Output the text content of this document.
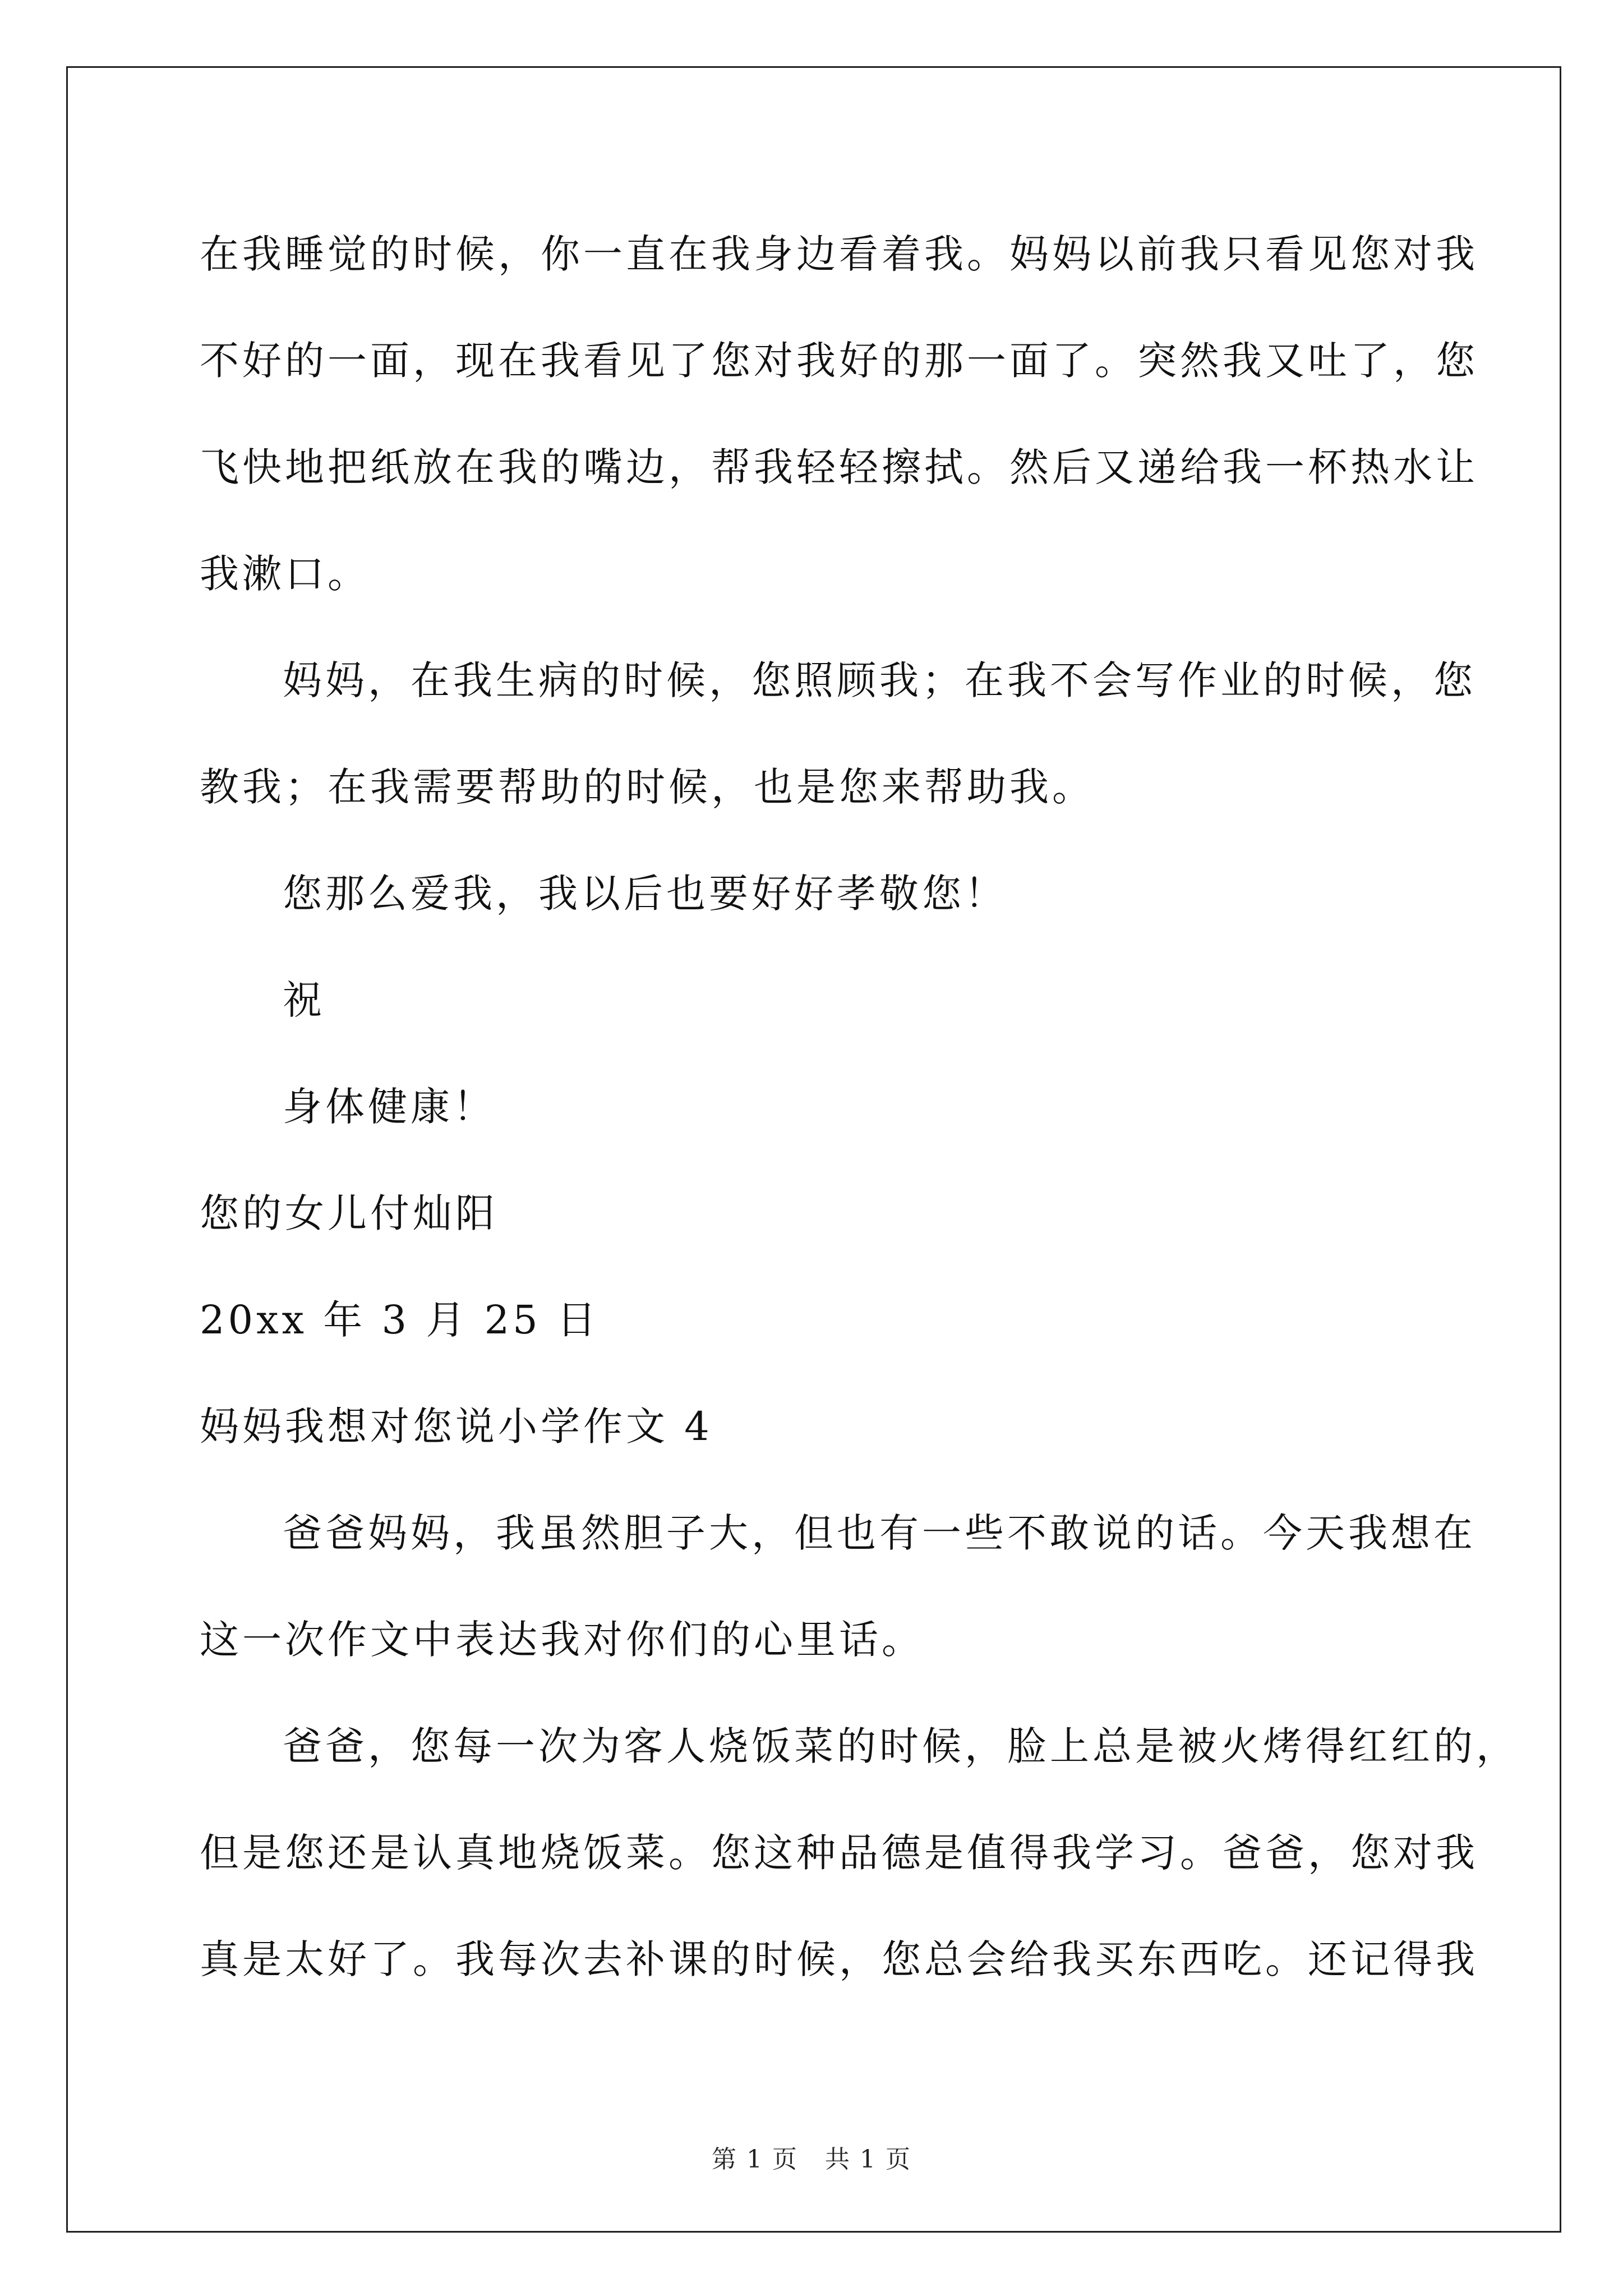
在我睡觉的时候，你一直在我身边看着我。妈妈以前我只看见您对我
不好的一面，现在我看见了您对我好的那一面了。突然我又吐了，您
飞快地把纸放在我的嘴边，帮我轻轻擦拭。然后又递给我一杯热水让
我漱口。
妈妈，在我生病的时候，您照顾我；在我不会写作业的时候，您
教我；在我需要帮助的时候，也是您来帮助我。
您那么爱我，我以后也要好好孝敬您！
祝
身体健康！
您的女儿付灿阳
20xx 年 3 月 25 日
妈妈我想对您说小学作文 4
爸爸妈妈，我虽然胆子大，但也有一些不敢说的话。今天我想在
这一次作文中表达我对你们的心里话。
爸爸，您每一次为客人烧饭菜的时候，脸上总是被火烤得红红的，
但是您还是认真地烧饭菜。您这种品德是值得我学习。爸爸，您对我
真是太好了。我每次去补课的时候，您总会给我买东西吃。还记得我
第 1 页 共 1 页
